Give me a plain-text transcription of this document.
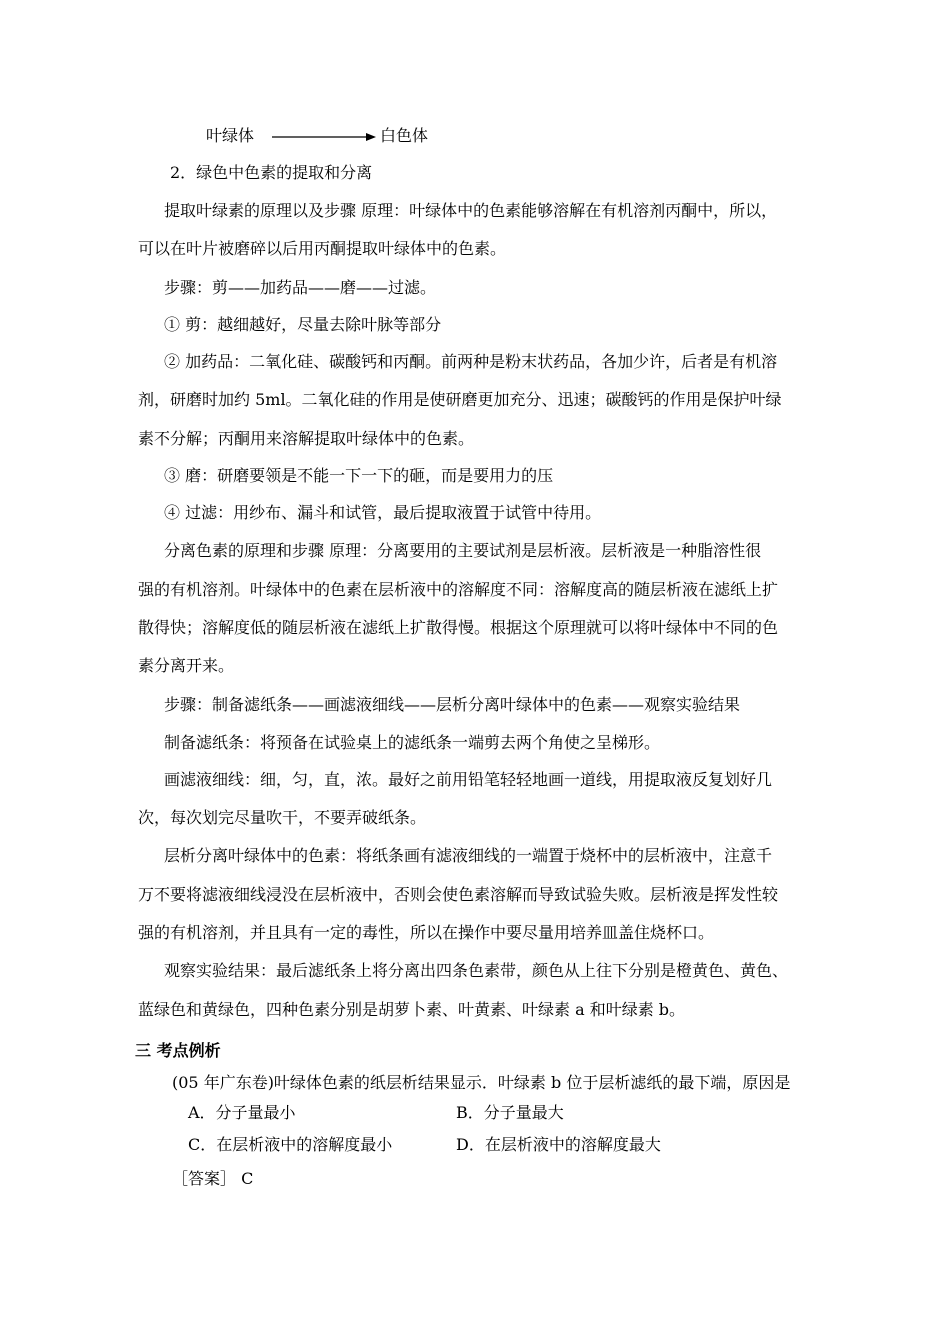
叶绿体	白色体
2．绿色中色素的提取和分离
提取叶绿素的原理以及步骤 原理：叶绿体中的色素能够溶解在有机溶剂丙酮中，所以，
可以在叶片被磨碎以后用丙酮提取叶绿体中的色素。
步骤：剪——加药品——磨——过滤。
① 剪：越细越好，尽量去除叶脉等部分
② 加药品：二氧化硅、碳酸钙和丙酮。前两种是粉末状药品，各加少许，后者是有机溶
剂，研磨时加约 5ml。二氧化硅的作用是使研磨更加充分、迅速；碳酸钙的作用是保护叶绿
素不分解；丙酮用来溶解提取叶绿体中的色素。
③ 磨：研磨要领是不能一下一下的砸，而是要用力的压
④ 过滤：用纱布、漏斗和试管，最后提取液置于试管中待用。
分离色素的原理和步骤 原理：分离要用的主要试剂是层析液。层析液是一种脂溶性很
强的有机溶剂。叶绿体中的色素在层析液中的溶解度不同：溶解度高的随层析液在滤纸上扩
散得快；溶解度低的随层析液在滤纸上扩散得慢。根据这个原理就可以将叶绿体中不同的色
素分离开来。
步骤：制备滤纸条——画滤液细线——层析分离叶绿体中的色素——观察实验结果
制备滤纸条：将预备在试验桌上的滤纸条一端剪去两个角使之呈梯形。
画滤液细线：细，匀，直，浓。最好之前用铅笔轻轻地画一道线，用提取液反复划好几
次，每次划完尽量吹干，不要弄破纸条。
层析分离叶绿体中的色素：将纸条画有滤液细线的一端置于烧杯中的层析液中，注意千
万不要将滤液细线浸没在层析液中，否则会使色素溶解而导致试验失败。层析液是挥发性较
强的有机溶剂，并且具有一定的毒性，所以在操作中要尽量用培养皿盖住烧杯口。
观察实验结果：最后滤纸条上将分离出四条色素带，颜色从上往下分别是橙黄色、黄色、
蓝绿色和黄绿色，四种色素分别是胡萝卜素、叶黄素、叶绿素 a 和叶绿素 b。
三 考点例析
(05 年广东卷)叶绿体色素的纸层析结果显示．叶绿素 b 位于层析滤纸的最下端，原因是
A．分子量最小	B．分子量最大
C．在层析液中的溶解度最小	D．在层析液中的溶解度最大
［答案］ C
